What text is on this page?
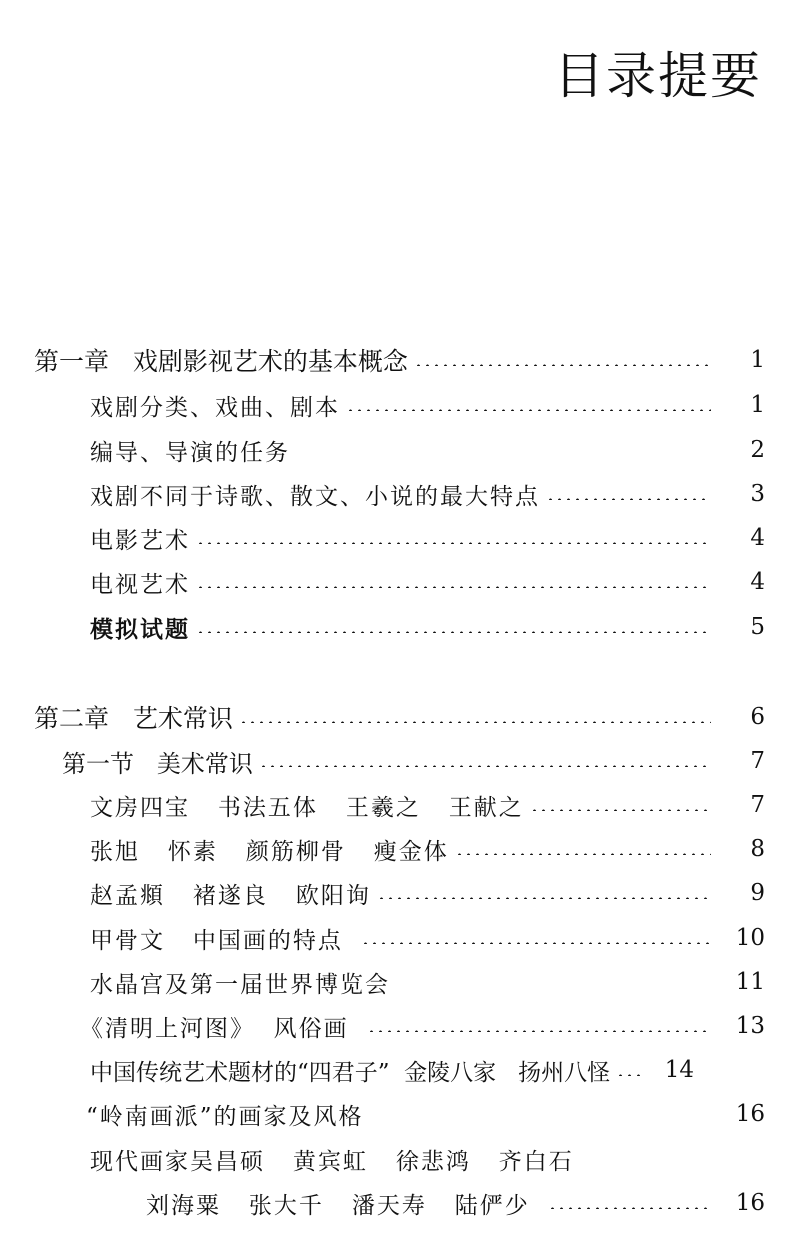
目录提要
第一章   戏剧影视艺术的基本概念	1
戏剧分类、戏曲、剧本	1
编导、导演的任务	2
戏剧不同于诗歌、散文、小说的最大特点	3
电影艺术	4
电视艺术	4
模拟试题	5
第二章   艺术常识	6
第一节   美术常识	7
文房四宝   书法五体   王羲之   王献之	7
张旭   怀素   颜筋柳骨   瘦金体	8
赵孟頫   褚遂良   欧阳询	9
甲骨文   中国画的特点	10
水晶宫及第一届世界博览会	11
《清明上河图》  风俗画	13
中国传统艺术题材的“四君子”  金陵八家   扬州八怪	14
“岭南画派”的画家及风格	16
现代画家吴昌硕   黄宾虹   徐悲鸿   齐白石
刘海粟   张大千   潘天寿   陆俨少	16
